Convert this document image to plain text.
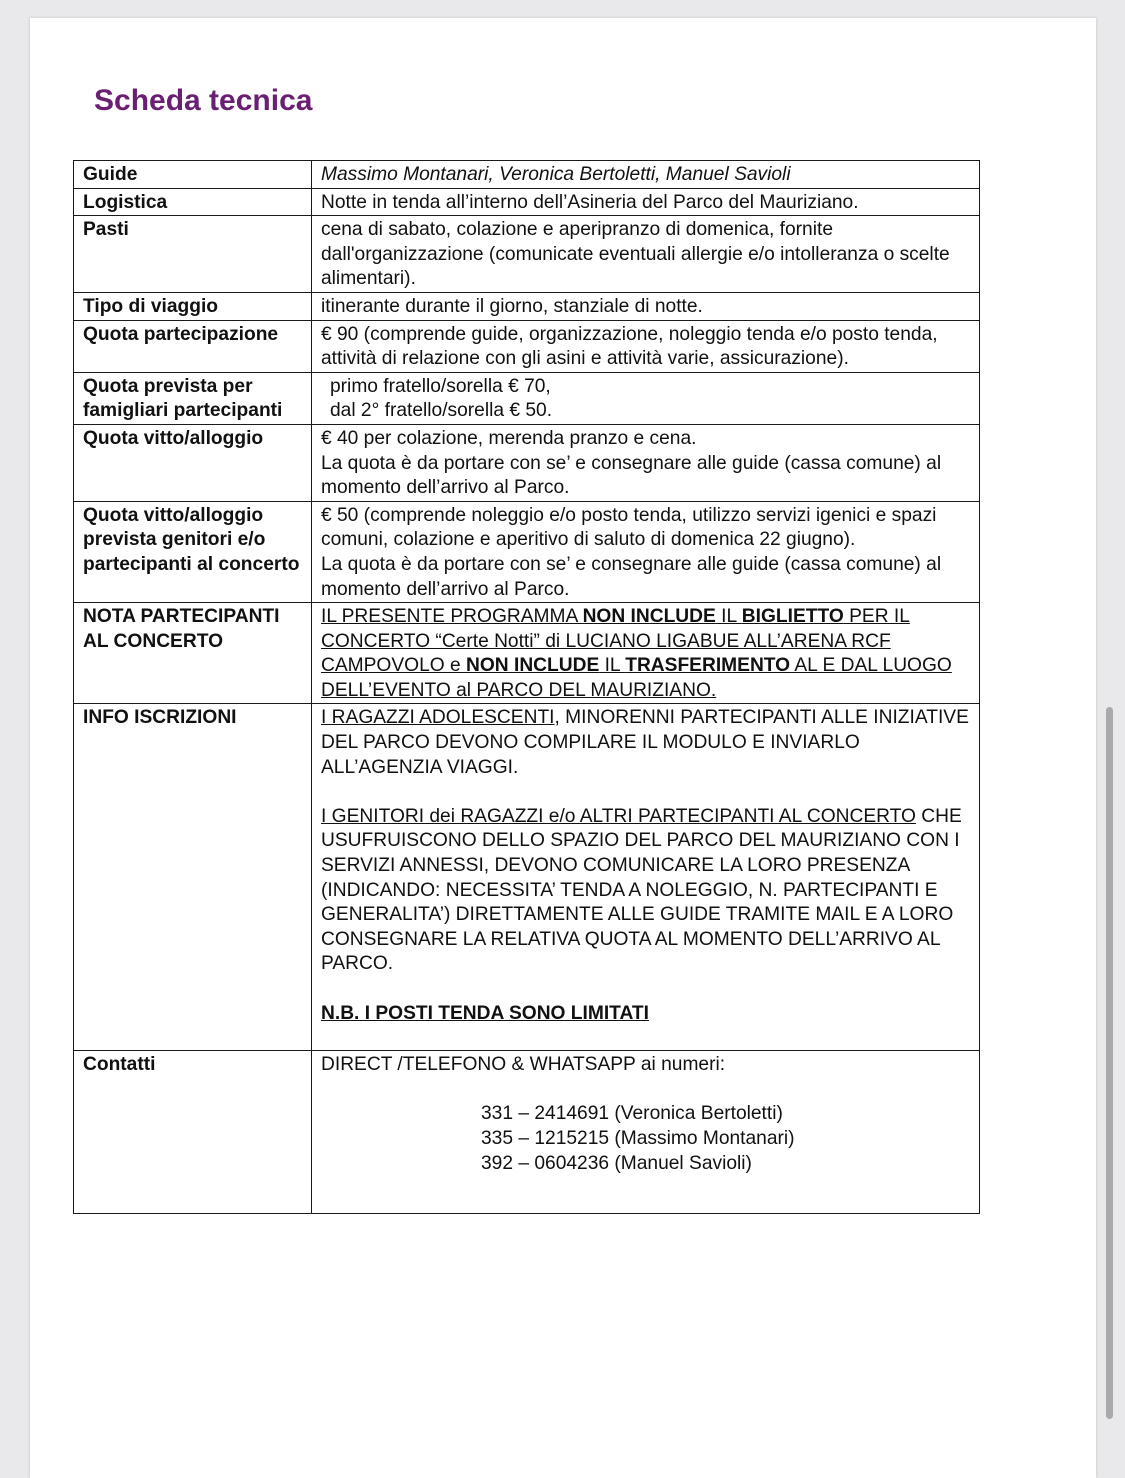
Scheda tecnica
Guide	Massimo Montanari, Veronica Bertoletti, Manuel Savioli
Logistica	Notte in tenda all’interno dell’Asineria del Parco del Mauriziano.
Pasti	cena di sabato, colazione e aperipranzo di domenica, fornite dall'organizzazione (comunicate eventuali allergie e/o intolleranza o scelte alimentari).
Tipo di viaggio	itinerante durante il giorno, stanziale di notte.
Quota partecipazione	€ 90 (comprende guide, organizzazione, noleggio tenda e/o posto tenda, attività di relazione con gli asini e attività varie, assicurazione).
Quota prevista per famigliari partecipanti	primo fratello/sorella € 70,
dal 2° fratello/sorella € 50.

Quota vitto/alloggio	€ 40 per colazione, merenda pranzo e cena.
La quota è da portare con se’ e consegnare alle guide (cassa comune) al momento dell’arrivo al Parco.

Quota vitto/alloggio prevista genitori e/o partecipanti al concerto	€ 50 (comprende noleggio e/o posto tenda, utilizzo servizi igenici e spazi comuni, colazione e aperitivo di saluto di domenica 22 giugno).
La quota è da portare con se’ e consegnare alle guide (cassa comune) al momento dell’arrivo al Parco.

NOTA PARTECIPANTI AL CONCERTO	IL PRESENTE PROGRAMMA NON INCLUDE IL BIGLIETTO PER IL CONCERTO “Certe Notti” di LUCIANO LIGABUE ALL’ARENA RCF CAMPOVOLO e NON INCLUDE IL TRASFERIMENTO AL E DAL LUOGO DELL’EVENTO al PARCO DEL MAURIZIANO.
INFO ISCRIZIONI	I RAGAZZI ADOLESCENTI, MINORENNI PARTECIPANTI ALLE INIZIATIVE DEL PARCO DEVONO COMPILARE IL MODULO E INVIARLO ALL’AGENZIA VIAGGI.
I GENITORI dei RAGAZZI e/o ALTRI PARTECIPANTI AL CONCERTO CHE USUFRUISCONO DELLO SPAZIO DEL PARCO DEL MAURIZIANO CON I SERVIZI ANNESSI, DEVONO COMUNICARE LA LORO PRESENZA (INDICANDO: NECESSITA’ TENDA A NOLEGGIO, N. PARTECIPANTI E GENERALITA’) DIRETTAMENTE ALLE GUIDE TRAMITE MAIL E A LORO CONSEGNARE LA RELATIVA QUOTA AL MOMENTO DELL’ARRIVO AL PARCO.
N.B. I POSTI TENDA SONO LIMITATI

Contatti	DIRECT /TELEFONO & WHATSAPP ai numeri:
331 – 2414691 (Veronica Bertoletti)
335 – 1215215 (Massimo Montanari)
392 – 0604236 (Manuel Savioli)
